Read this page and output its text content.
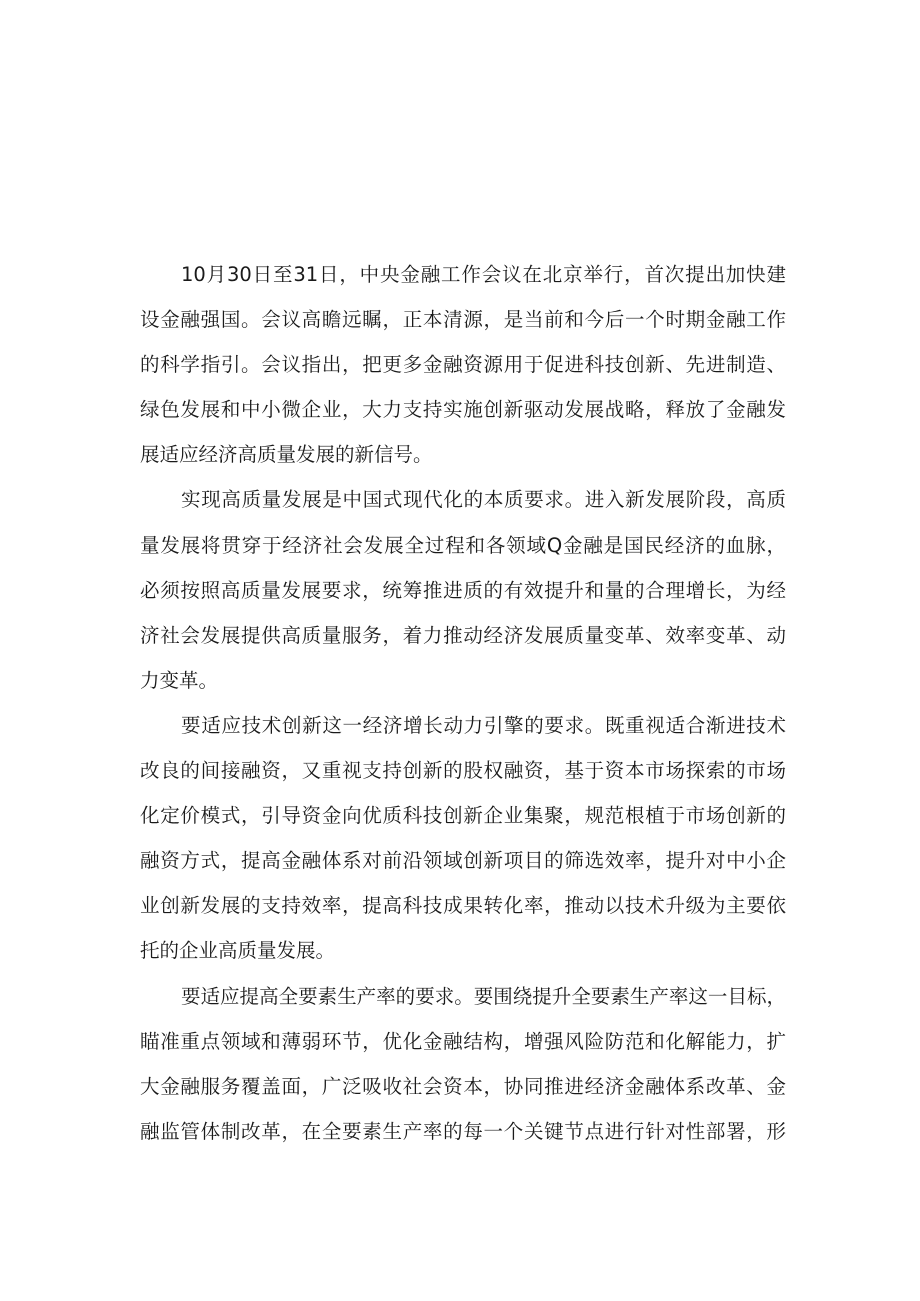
10月30日至31日，中央金融工作会议在北京举行，首次提出加快建
设金融强国。会议高瞻远瞩，正本清源，是当前和今后一个时期金融工作
的科学指引。会议指出，把更多金融资源用于促进科技创新、先进制造、
绿色发展和中小微企业，大力支持实施创新驱动发展战略，释放了金融发
展适应经济高质量发展的新信号。

实现高质量发展是中国式现代化的本质要求。进入新发展阶段，高质
量发展将贯穿于经济社会发展全过程和各领域Q金融是国民经济的血脉，
必须按照高质量发展要求，统筹推进质的有效提升和量的合理增长，为经
济社会发展提供高质量服务，着力推动经济发展质量变革、效率变革、动
力变革。

要适应技术创新这一经济增长动力引擎的要求。既重视适合渐进技术
改良的间接融资，又重视支持创新的股权融资，基于资本市场探索的市场
化定价模式，引导资金向优质科技创新企业集聚，规范根植于市场创新的
融资方式，提高金融体系对前沿领域创新项目的筛选效率，提升对中小企
业创新发展的支持效率，提高科技成果转化率，推动以技术升级为主要依
托的企业高质量发展。

要适应提高全要素生产率的要求。要围绕提升全要素生产率这一目标，
瞄准重点领域和薄弱环节，优化金融结构，增强风险防范和化解能力，扩
大金融服务覆盖面，广泛吸收社会资本，协同推进经济金融体系改革、金
融监管体制改革，在全要素生产率的每一个关键节点进行针对性部署，形
